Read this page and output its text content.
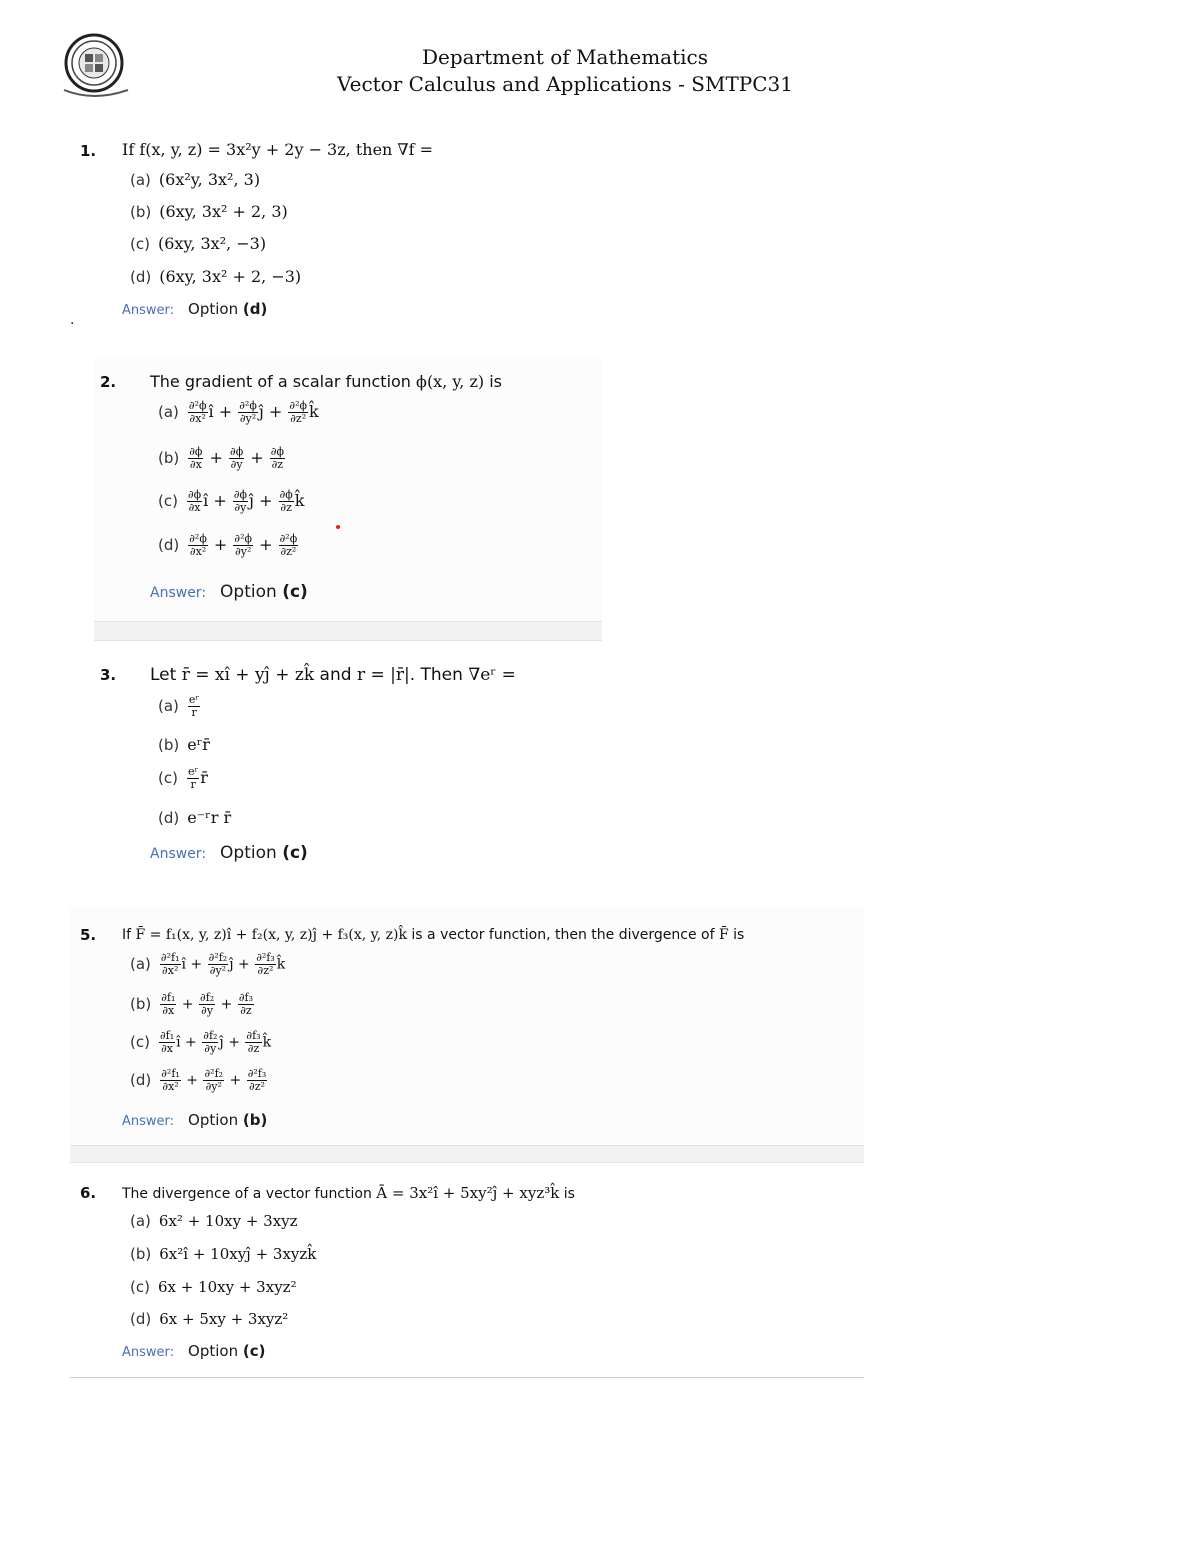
Department of Mathematics
Vector Calculus and Applications - SMTPC31
1. If f(x, y, z) = 3x²y + 2y − 3z, then ∇f =
(a) (6x²y, 3x², 3)
(b) (6xy, 3x² + 2, 3)
(c) (6xy, 3x², −3)
(d) (6xy, 3x² + 2, −3)
Answer: Option (d)
·
2. The gradient of a scalar function ϕ(x, y, z) is
$(a) \frac{\text{∂²ϕ}}{\text{∂x²}}$ î + $\frac{\text{∂²ϕ}}{\text{∂y²}}$ ĵ + $\frac{\text{∂²ϕ}}{\text{∂z²}}$ k̂
$(b) \frac{\partial\phi}{\partial x} + \frac{\partial\phi}{\partial y} + \frac{\partial\phi}{\partial z}$
$(c) \frac{\partial\phi}{\partial x}$ î + $\frac{\partial\phi}{\partial y}$ ĵ + $\frac{\partial\phi}{\partial z}$ k̂
$(d) \frac{\text{∂²ϕ}}{\text{∂x²}} + \frac{\text{∂²ϕ}}{\text{∂y²}} + \frac{\text{∂²ϕ}}{\text{∂z²}}$
Answer: Option (c)
3. Let r̄ = xî + yĵ + zk̂ and r = |r̄|. Then ∇eʳ =
$(a) \frac{\text{eʳ}}{r}$
(b) eʳr̄
$(c) \frac{\text{eʳ}}{r}$ r̄
(d) e⁻ʳr r̄
Answer: Option (c)
5. If F̄ = f₁(x, y, z)î + f₂(x, y, z)ĵ + f₃(x, y, z)k̂ is a vector function, then the divergence of F̄ is
$(a) \frac{\text{∂²f₁}}{\text{∂x²}}$ î + $\frac{\text{∂²f₂}}{\text{∂y²}}$ ĵ + $\frac{\text{∂²f₃}}{\text{∂z²}}$ k̂
$(b) \frac{\text{∂f₁}}{\partial x} + \frac{\text{∂f₂}}{\partial y} + \frac{\text{∂f₃}}{\partial z}$
$(c) \frac{\text{∂f₁}}{\partial x}$ î + $\frac{\text{∂f₂}}{\partial y}$ ĵ + $\frac{\text{∂f₃}}{\partial z}$ k̂
$(d) \frac{\text{∂²f₁}}{\text{∂x²}} + \frac{\text{∂²f₂}}{\text{∂y²}} + \frac{\text{∂²f₃}}{\text{∂z²}}$
Answer: Option (b)
6. The divergence of a vector function Ā = 3x²î + 5xy²ĵ + xyz³k̂ is
(a) 6x² + 10xy + 3xyz
(b) 6x²î + 10xyĵ + 3xyzk̂
(c) 6x + 10xy + 3xyz²
(d) 6x + 5xy + 3xyz²
Answer: Option (c)
